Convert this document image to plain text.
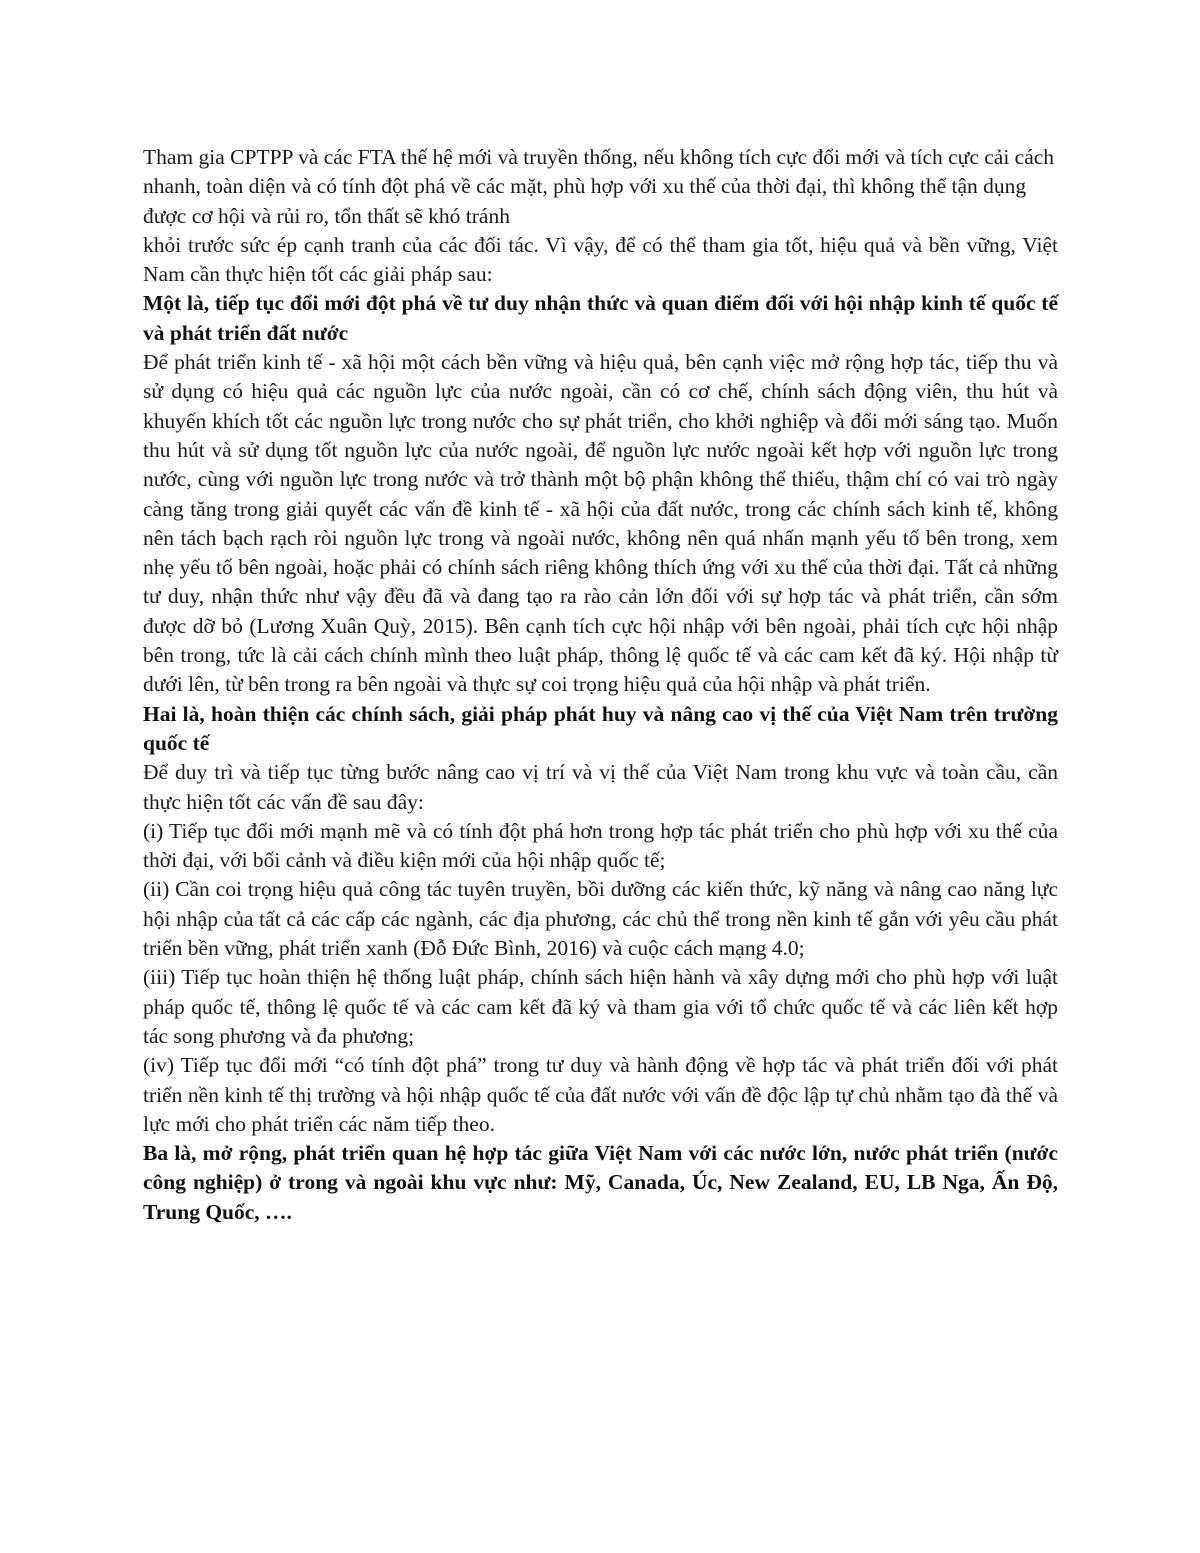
Tham gia CPTPP và các FTA thế hệ mới và truyền thống, nếu không tích cực đổi mới và tích cực cải cách nhanh, toàn diện và có tính đột phá về các mặt, phù hợp với xu thế của thời đại, thì không thể tận dụng được cơ hội và rủi ro, tổn thất sẽ khó tránh

khỏi trước sức ép cạnh tranh của các đối tác. Vì vậy, để có thể tham gia tốt, hiệu quả và bền vững, Việt Nam cần thực hiện tốt các giải pháp sau:

Một là, tiếp tục đổi mới đột phá về tư duy nhận thức và quan điểm đối với hội nhập kinh tế quốc tế và phát triển đất nước

Để phát triển kinh tế - xã hội một cách bền vững và hiệu quả, bên cạnh việc mở rộng hợp tác, tiếp thu và sử dụng có hiệu quả các nguồn lực của nước ngoài, cần có cơ chế, chính sách động viên, thu hút và khuyến khích tốt các nguồn lực trong nước cho sự phát triển, cho khởi nghiệp và đổi mới sáng tạo. Muốn thu hút và sử dụng tốt nguồn lực của nước ngoài, để nguồn lực nước ngoài kết hợp với nguồn lực trong nước, cùng với nguồn lực trong nước và trở thành một bộ phận không thể thiếu, thậm chí có vai trò ngày càng tăng trong giải quyết các vấn đề kinh tế - xã hội của đất nước, trong các chính sách kinh tế, không nên tách bạch rạch ròi nguồn lực trong và ngoài nước, không nên quá nhấn mạnh yếu tố bên trong, xem nhẹ yếu tố bên ngoài, hoặc phải có chính sách riêng không thích ứng với xu thế của thời đại. Tất cả những tư duy, nhận thức như vậy đều đã và đang tạo ra rào cản lớn đối với sự hợp tác và phát triển, cần sớm được dỡ bỏ (Lương Xuân Quỳ, 2015). Bên cạnh tích cực hội nhập với bên ngoài, phải tích cực hội nhập bên trong, tức là cải cách chính mình theo luật pháp, thông lệ quốc tế và các cam kết đã ký. Hội nhập từ dưới lên, từ bên trong ra bên ngoài và thực sự coi trọng hiệu quả của hội nhập và phát triển.

Hai là, hoàn thiện các chính sách, giải pháp phát huy và nâng cao vị thế của Việt Nam trên trường quốc tế

Để duy trì và tiếp tục từng bước nâng cao vị trí và vị thế của Việt Nam trong khu vực và toàn cầu, cần thực hiện tốt các vấn đề sau đây:

(i) Tiếp tục đổi mới mạnh mẽ và có tính đột phá hơn trong hợp tác phát triển cho phù hợp với xu thế của thời đại, với bối cảnh và điều kiện mới của hội nhập quốc tế;

(ii) Cần coi trọng hiệu quả công tác tuyên truyền, bồi dưỡng các kiến thức, kỹ năng và nâng cao năng lực hội nhập của tất cả các cấp các ngành, các địa phương, các chủ thể trong nền kinh tế gắn với yêu cầu phát triển bền vững, phát triển xanh (Đỗ Đức Bình, 2016) và cuộc cách mạng 4.0;

(iii) Tiếp tục hoàn thiện hệ thống luật pháp, chính sách hiện hành và xây dựng mới cho phù hợp với luật pháp quốc tế, thông lệ quốc tế và các cam kết đã ký và tham gia với tổ chức quốc tế và các liên kết hợp tác song phương và đa phương;

(iv) Tiếp tục đổi mới “có tính đột phá” trong tư duy và hành động về hợp tác và phát triển đối với phát triển nền kinh tế thị trường và hội nhập quốc tế của đất nước với vấn đề độc lập tự chủ nhằm tạo đà thế và lực mới cho phát triển các năm tiếp theo.

Ba là, mở rộng, phát triển quan hệ hợp tác giữa Việt Nam với các nước lớn, nước phát triển (nước công nghiệp) ở trong và ngoài khu vực như: Mỹ, Canada, Úc, New Zealand, EU, LB Nga, Ấn Độ, Trung Quốc, ….
